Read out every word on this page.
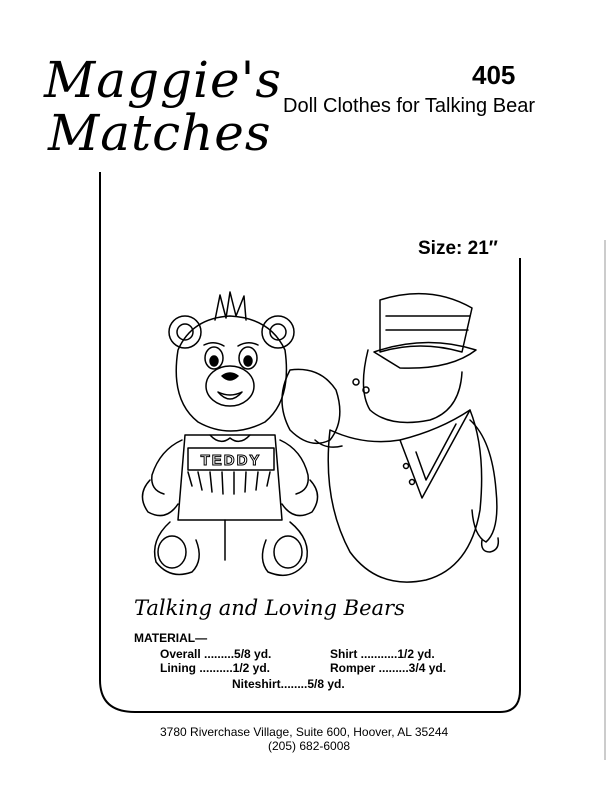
Maggie's
Matches
405
Doll Clothes for Talking Bear
Size: 21″
TEDDY
Talking and Loving Bears
MATERIAL—
Overall .........5/8 yd.
Lining ..........1/2 yd.
Shirt ...........1/2 yd.
Romper .........3/4 yd.
Niteshirt........5/8 yd.
3780 Riverchase Village, Suite 600, Hoover, AL 35244
(205) 682-6008
